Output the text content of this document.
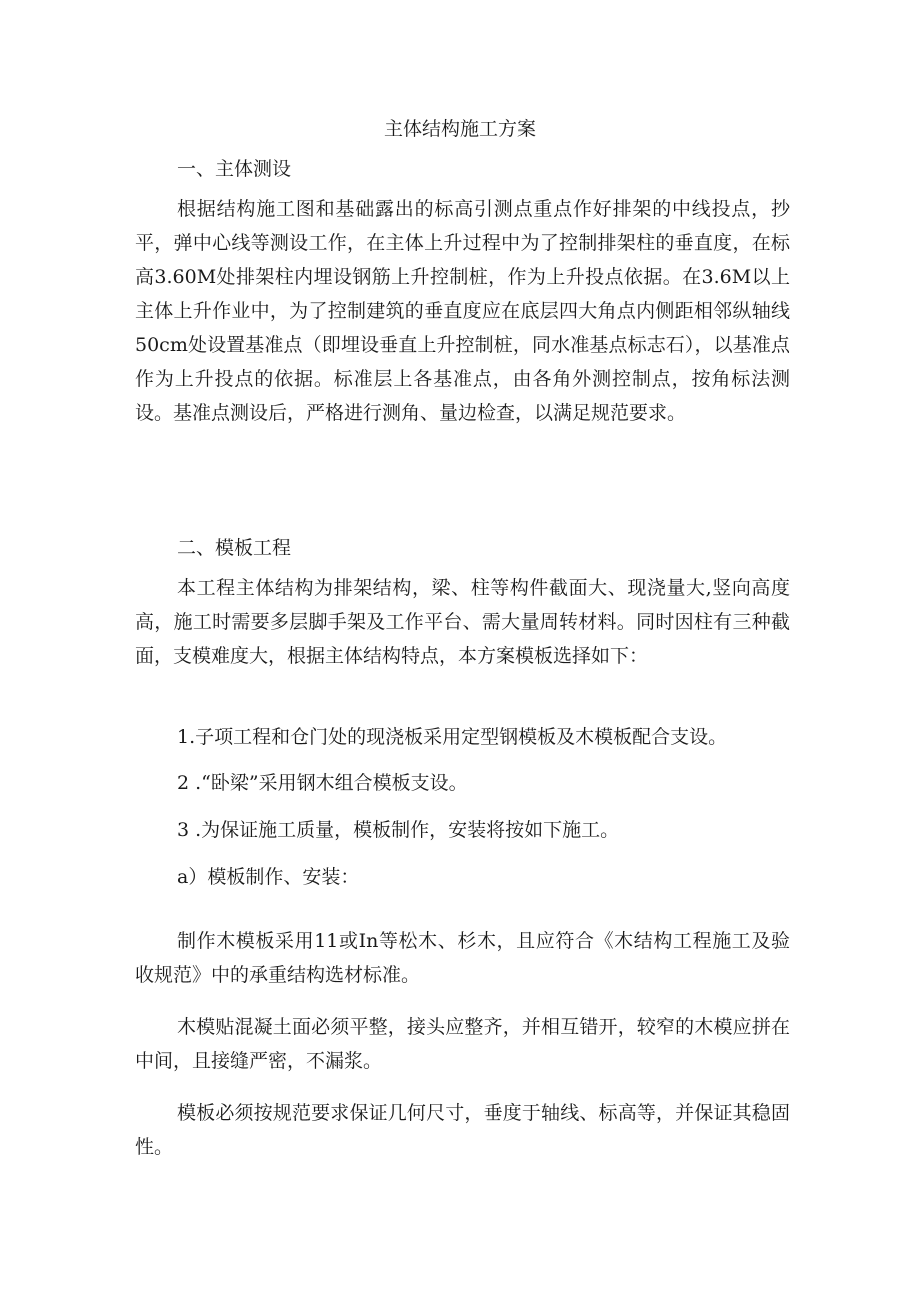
主体结构施工方案

一、主体测设

根据结构施工图和基础露出的标高引测点重点作好排架的中线投点，抄平，弹中心线等测设工作，在主体上升过程中为了控制排架柱的垂直度，在标高3.60M处排架柱内埋设钢筋上升控制桩，作为上升投点依据。在3.6M以上主体上升作业中，为了控制建筑的垂直度应在底层四大角点内侧距相邻纵轴线50cm处设置基准点（即埋设垂直上升控制桩，同水准基点标志石），以基准点作为上升投点的依据。标准层上各基准点，由各角外测控制点，按角标法测设。基准点测设后，严格进行测角、量边检查，以满足规范要求。

二、模板工程

本工程主体结构为排架结构，梁、柱等构件截面大、现浇量大,竖向高度高，施工时需要多层脚手架及工作平台、需大量周转材料。同时因柱有三种截面，支模难度大，根据主体结构特点，本方案模板选择如下：

1.子项工程和仓门处的现浇板采用定型钢模板及木模板配合支设。

2 .“卧梁”采用钢木组合模板支设。

3 .为保证施工质量，模板制作，安装将按如下施工。

a）模板制作、安装：

制作木模板采用11或In等松木、杉木，且应符合《木结构工程施工及验收规范》中的承重结构选材标准。

木模贴混凝土面必须平整，接头应整齐，并相互错开，较窄的木模应拼在中间，且接缝严密，不漏浆。

模板必须按规范要求保证几何尺寸，垂度于轴线、标高等，并保证其稳固性。
